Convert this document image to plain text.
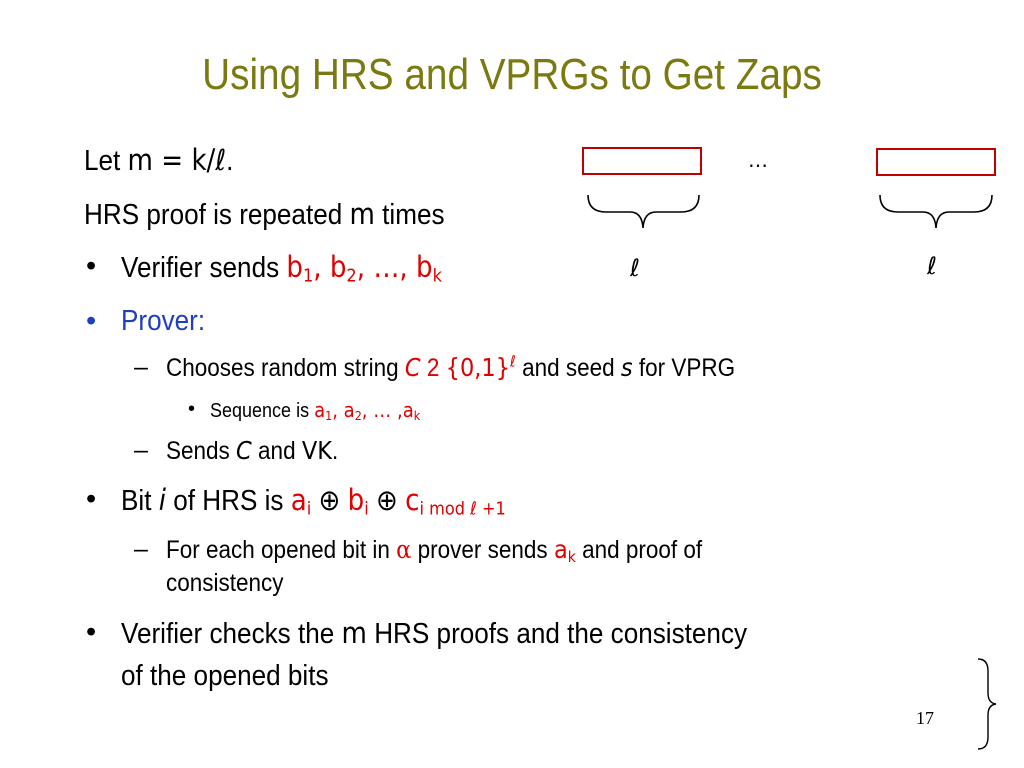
Using HRS and VPRGs to Get Zaps
Let m = k/ℓ.
HRS proof is repeated m times
• Verifier sends $b_1$, $b_2$, …, $b_k$
• Prover:
– Chooses random string C 2 $\{0,1\}^\ell$ and seed s for VPRG
• Sequence is $a_1$, $a_2$, … $,a_k$
– Sends C and VK.
• Bit i of HRS is $a_i$ ⊕ $b_i$ ⊕ $c_{i mod \ell +1}$
– For each opened bit in α prover sends $a_k$ and proof of
consistency
• Verifier checks the m HRS proofs and the consistency
of the opened bits
…
ℓ	ℓ
17
